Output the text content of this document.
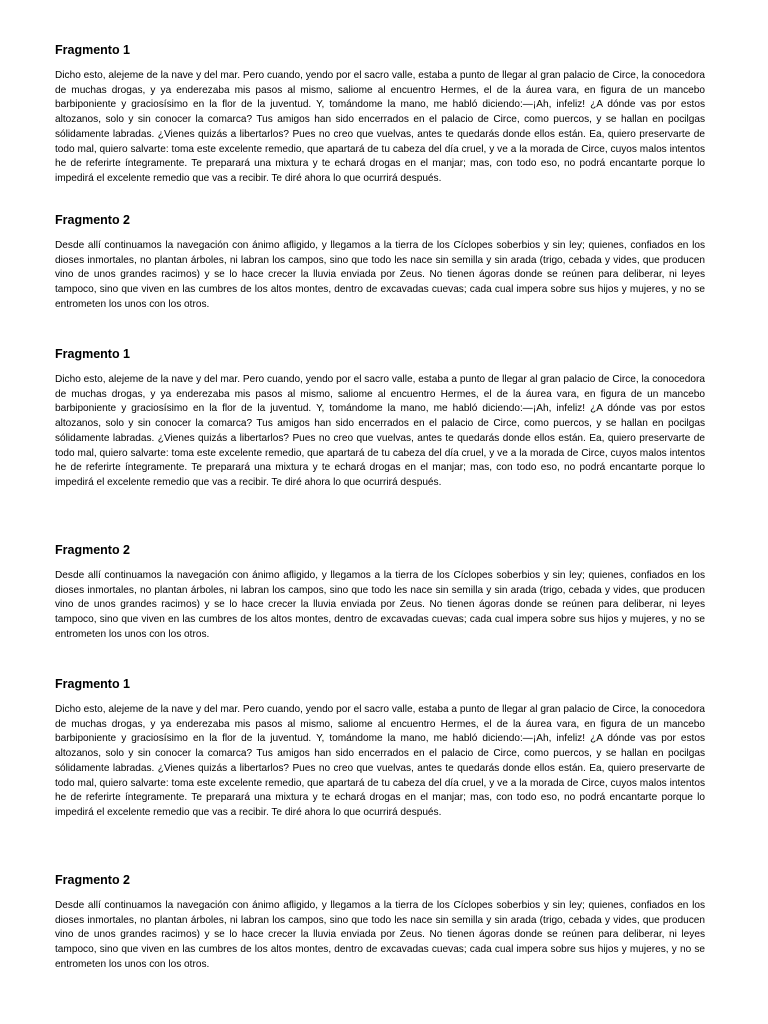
Fragmento 1

Dicho esto, alejeme de la nave y del mar. Pero cuando, yendo por el sacro valle, estaba a punto de llegar al gran palacio de Circe, la conocedora de muchas drogas, y ya enderezaba mis pasos al mismo, saliome al encuentro Hermes, el de la áurea vara, en figura de un mancebo barbiponiente y graciosísimo en la flor de la juventud. Y, tomándome la mano, me habló diciendo:—¡Ah, infeliz! ¿A dónde vas por estos altozanos, solo y sin conocer la comarca? Tus amigos han sido encerrados en el palacio de Circe, como puercos, y se hallan en pocilgas sólidamente labradas. ¿Vienes quizás a libertarlos? Pues no creo que vuelvas, antes te quedarás donde ellos están. Ea, quiero preservarte de todo mal, quiero salvarte: toma este excelente remedio, que apartará de tu cabeza del día cruel, y ve a la morada de Circe, cuyos malos intentos he de referirte íntegramente. Te preparará una mixtura y te echará drogas en el manjar; mas, con todo eso, no podrá encantarte porque lo impedirá el excelente remedio que vas a recibir. Te diré ahora lo que ocurrirá después.

Fragmento 2

Desde allí continuamos la navegación con ánimo afligido, y llegamos a la tierra de los Cíclopes soberbios y sin ley; quienes, confiados en los dioses inmortales, no plantan árboles, ni labran los campos, sino que todo les nace sin semilla y sin arada (trigo, cebada y vides, que producen vino de unos grandes racimos) y se lo hace crecer la lluvia enviada por Zeus. No tienen ágoras donde se reúnen para deliberar, ni leyes tampoco, sino que viven en las cumbres de los altos montes, dentro de excavadas cuevas; cada cual impera sobre sus hijos y mujeres, y no se entrometen los unos con los otros.

Fragmento 1

Dicho esto, alejeme de la nave y del mar. Pero cuando, yendo por el sacro valle, estaba a punto de llegar al gran palacio de Circe, la conocedora de muchas drogas, y ya enderezaba mis pasos al mismo, saliome al encuentro Hermes, el de la áurea vara, en figura de un mancebo barbiponiente y graciosísimo en la flor de la juventud. Y, tomándome la mano, me habló diciendo:—¡Ah, infeliz! ¿A dónde vas por estos altozanos, solo y sin conocer la comarca? Tus amigos han sido encerrados en el palacio de Circe, como puercos, y se hallan en pocilgas sólidamente labradas. ¿Vienes quizás a libertarlos? Pues no creo que vuelvas, antes te quedarás donde ellos están. Ea, quiero preservarte de todo mal, quiero salvarte: toma este excelente remedio, que apartará de tu cabeza del día cruel, y ve a la morada de Circe, cuyos malos intentos he de referirte íntegramente. Te preparará una mixtura y te echará drogas en el manjar; mas, con todo eso, no podrá encantarte porque lo impedirá el excelente remedio que vas a recibir. Te diré ahora lo que ocurrirá después.

Fragmento 2

Desde allí continuamos la navegación con ánimo afligido, y llegamos a la tierra de los Cíclopes soberbios y sin ley; quienes, confiados en los dioses inmortales, no plantan árboles, ni labran los campos, sino que todo les nace sin semilla y sin arada (trigo, cebada y vides, que producen vino de unos grandes racimos) y se lo hace crecer la lluvia enviada por Zeus. No tienen ágoras donde se reúnen para deliberar, ni leyes tampoco, sino que viven en las cumbres de los altos montes, dentro de excavadas cuevas; cada cual impera sobre sus hijos y mujeres, y no se entrometen los unos con los otros.

Fragmento 1

Dicho esto, alejeme de la nave y del mar. Pero cuando, yendo por el sacro valle, estaba a punto de llegar al gran palacio de Circe, la conocedora de muchas drogas, y ya enderezaba mis pasos al mismo, saliome al encuentro Hermes, el de la áurea vara, en figura de un mancebo barbiponiente y graciosísimo en la flor de la juventud. Y, tomándome la mano, me habló diciendo:—¡Ah, infeliz! ¿A dónde vas por estos altozanos, solo y sin conocer la comarca? Tus amigos han sido encerrados en el palacio de Circe, como puercos, y se hallan en pocilgas sólidamente labradas. ¿Vienes quizás a libertarlos? Pues no creo que vuelvas, antes te quedarás donde ellos están. Ea, quiero preservarte de todo mal, quiero salvarte: toma este excelente remedio, que apartará de tu cabeza del día cruel, y ve a la morada de Circe, cuyos malos intentos he de referirte íntegramente. Te preparará una mixtura y te echará drogas en el manjar; mas, con todo eso, no podrá encantarte porque lo impedirá el excelente remedio que vas a recibir. Te diré ahora lo que ocurrirá después.

Fragmento 2

Desde allí continuamos la navegación con ánimo afligido, y llegamos a la tierra de los Cíclopes soberbios y sin ley; quienes, confiados en los dioses inmortales, no plantan árboles, ni labran los campos, sino que todo les nace sin semilla y sin arada (trigo, cebada y vides, que producen vino de unos grandes racimos) y se lo hace crecer la lluvia enviada por Zeus. No tienen ágoras donde se reúnen para deliberar, ni leyes tampoco, sino que viven en las cumbres de los altos montes, dentro de excavadas cuevas; cada cual impera sobre sus hijos y mujeres, y no se entrometen los unos con los otros.
